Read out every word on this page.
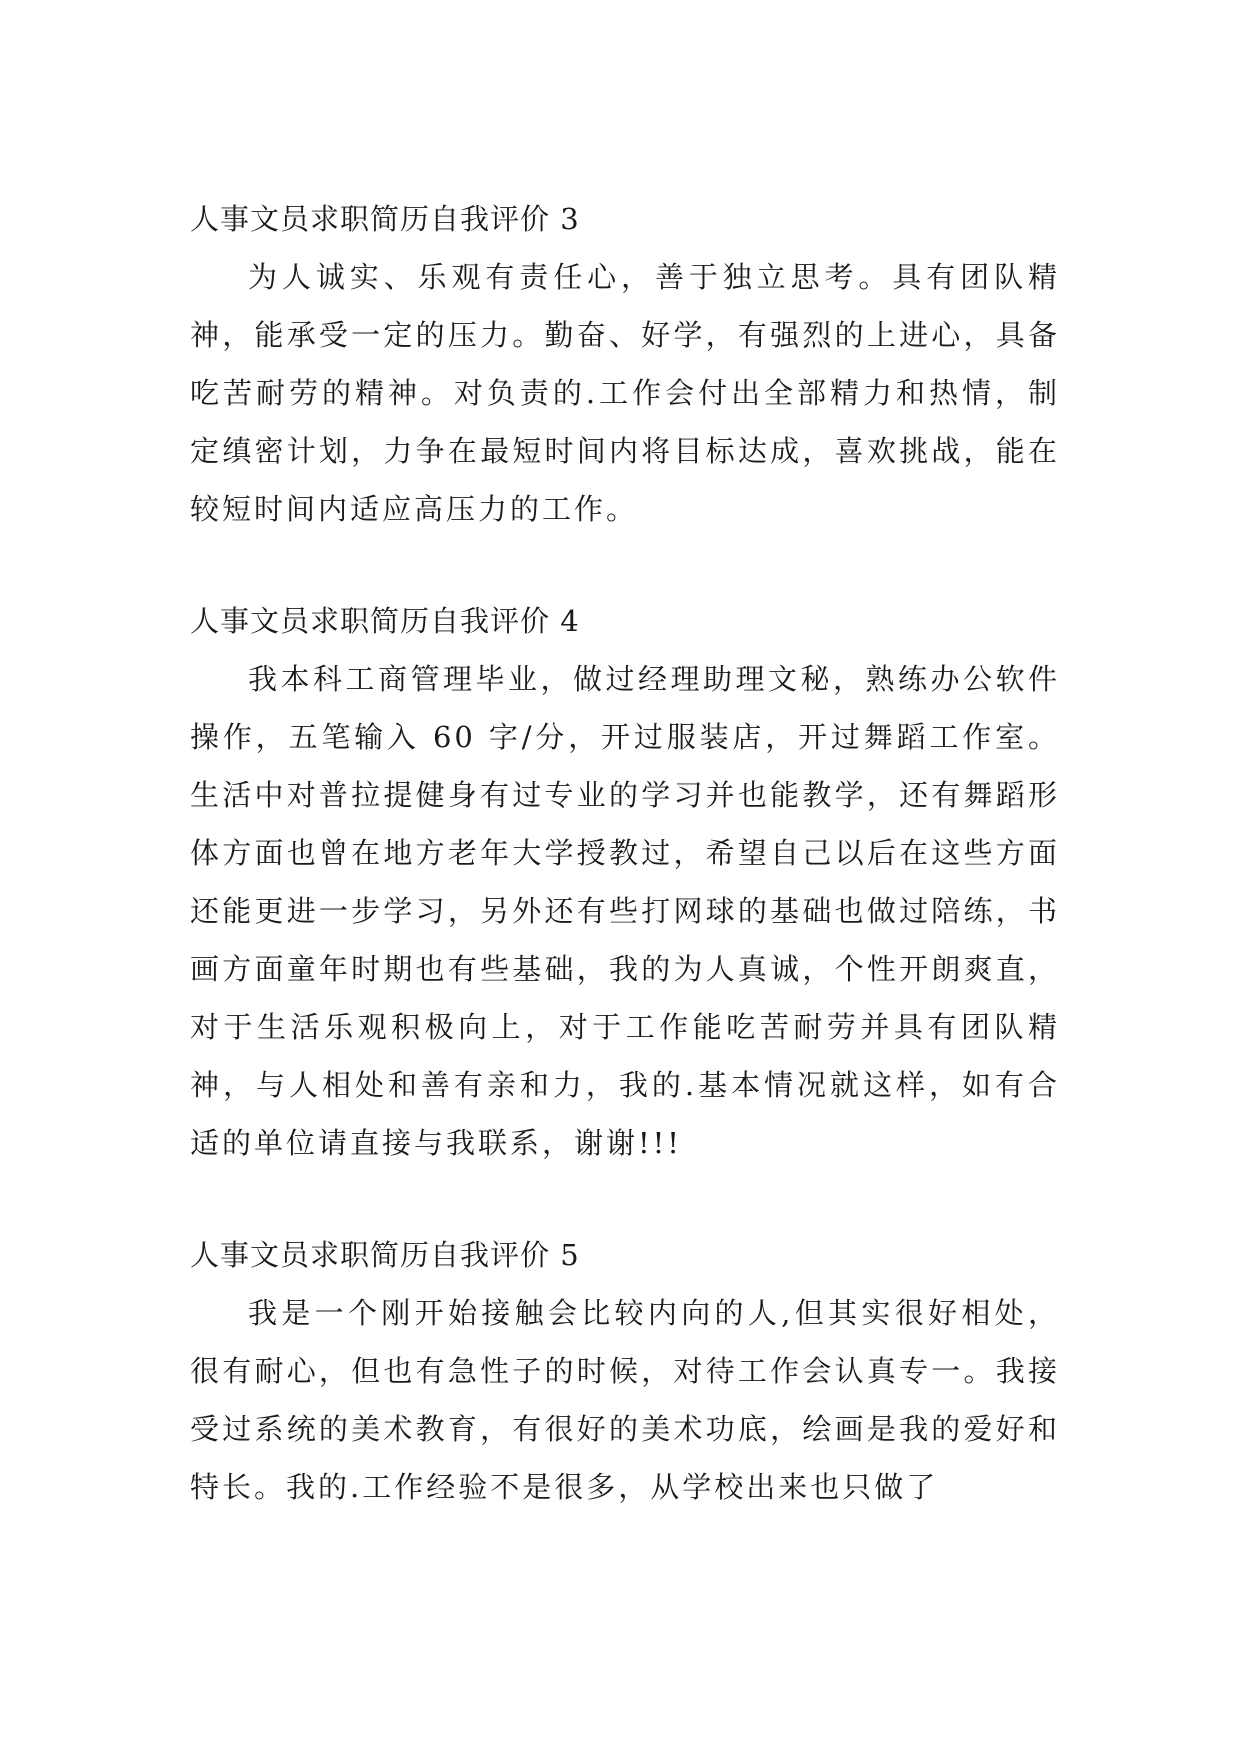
人事文员求职简历自我评价 3

为人诚实、乐观有责任心，善于独立思考。具有团队精神，能承受一定的压力。勤奋、好学，有强烈的上进心，具备吃苦耐劳的精神。对负责的.工作会付出全部精力和热情，制定缜密计划，力争在最短时间内将目标达成，喜欢挑战，能在较短时间内适应高压力的工作。

人事文员求职简历自我评价 4

我本科工商管理毕业，做过经理助理文秘，熟练办公软件操作，五笔输入 60 字/分，开过服装店，开过舞蹈工作室。生活中对普拉提健身有过专业的学习并也能教学，还有舞蹈形体方面也曾在地方老年大学授教过，希望自己以后在这些方面还能更进一步学习，另外还有些打网球的基础也做过陪练，书画方面童年时期也有些基础，我的为人真诚，个性开朗爽直，对于生活乐观积极向上，对于工作能吃苦耐劳并具有团队精神，与人相处和善有亲和力，我的.基本情况就这样，如有合适的单位请直接与我联系，谢谢!!!

人事文员求职简历自我评价 5

我是一个刚开始接触会比较内向的人,但其实很好相处，很有耐心，但也有急性子的时候，对待工作会认真专一。我接受过系统的美术教育，有很好的美术功底，绘画是我的爱好和特长。我的.工作经验不是很多，从学校出来也只做了
